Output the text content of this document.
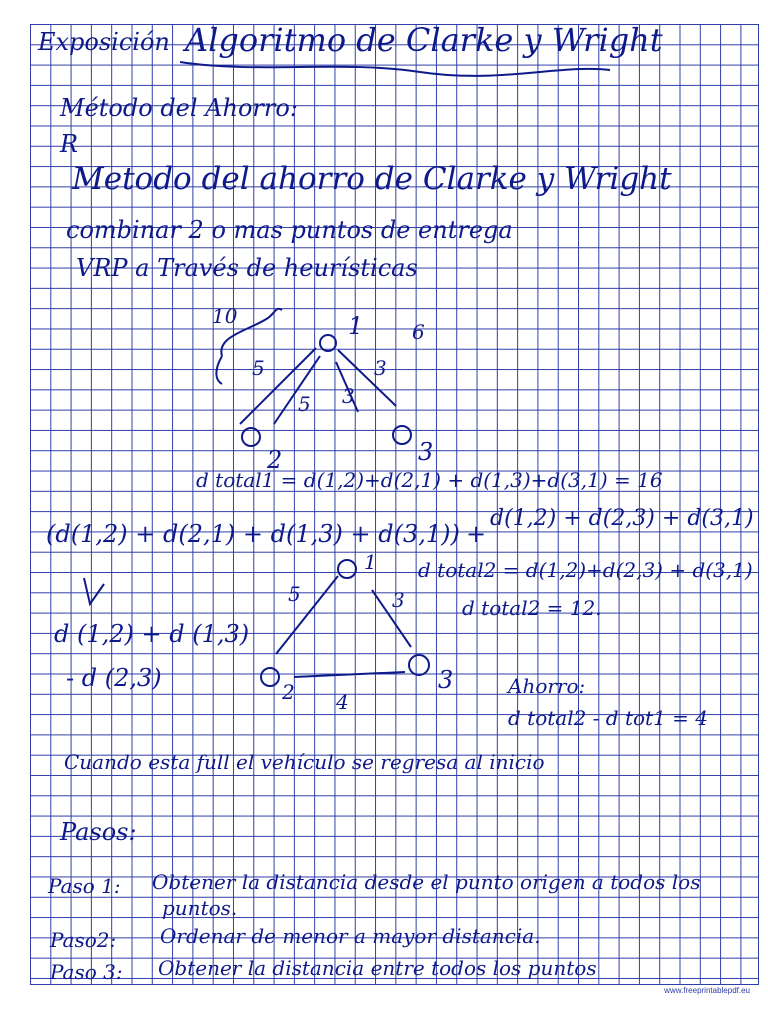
Exposición Algoritmo de Clarke y Wright
Método del Ahorro:
R
Metodo del ahorro de Clarke y Wright
combinar 2 o mas puntos de entrega
VRP a Través de heurísticas
1
2	3
10
5
5
3
3
6
d total1 = d(1,2)+d(2,1) + d(1,3)+d(3,1) = 16
(d(1,2) + d(2,1) + d(1,3) + d(3,1)) +
d(1,2) + d(2,3) + d(3,1)
d total2 = d(1,2)+d(2,3) + d(3,1)
d total2 = 12.
d (1,2) + d (1,3)
- d (2,3)	Ahorro:
d total2 - d tot1 = 4
1
2	3
5	3
4
Cuando esta full el vehículo se regresa al inicio
Pasos:
Paso 1: Obtener la distancia desde el punto origen a todos los
puntos.
Paso2: Ordenar de menor a mayor distancia.
Paso 3: Obtener la distancia entre todos los puntos
www.freeprintablepdf.eu
